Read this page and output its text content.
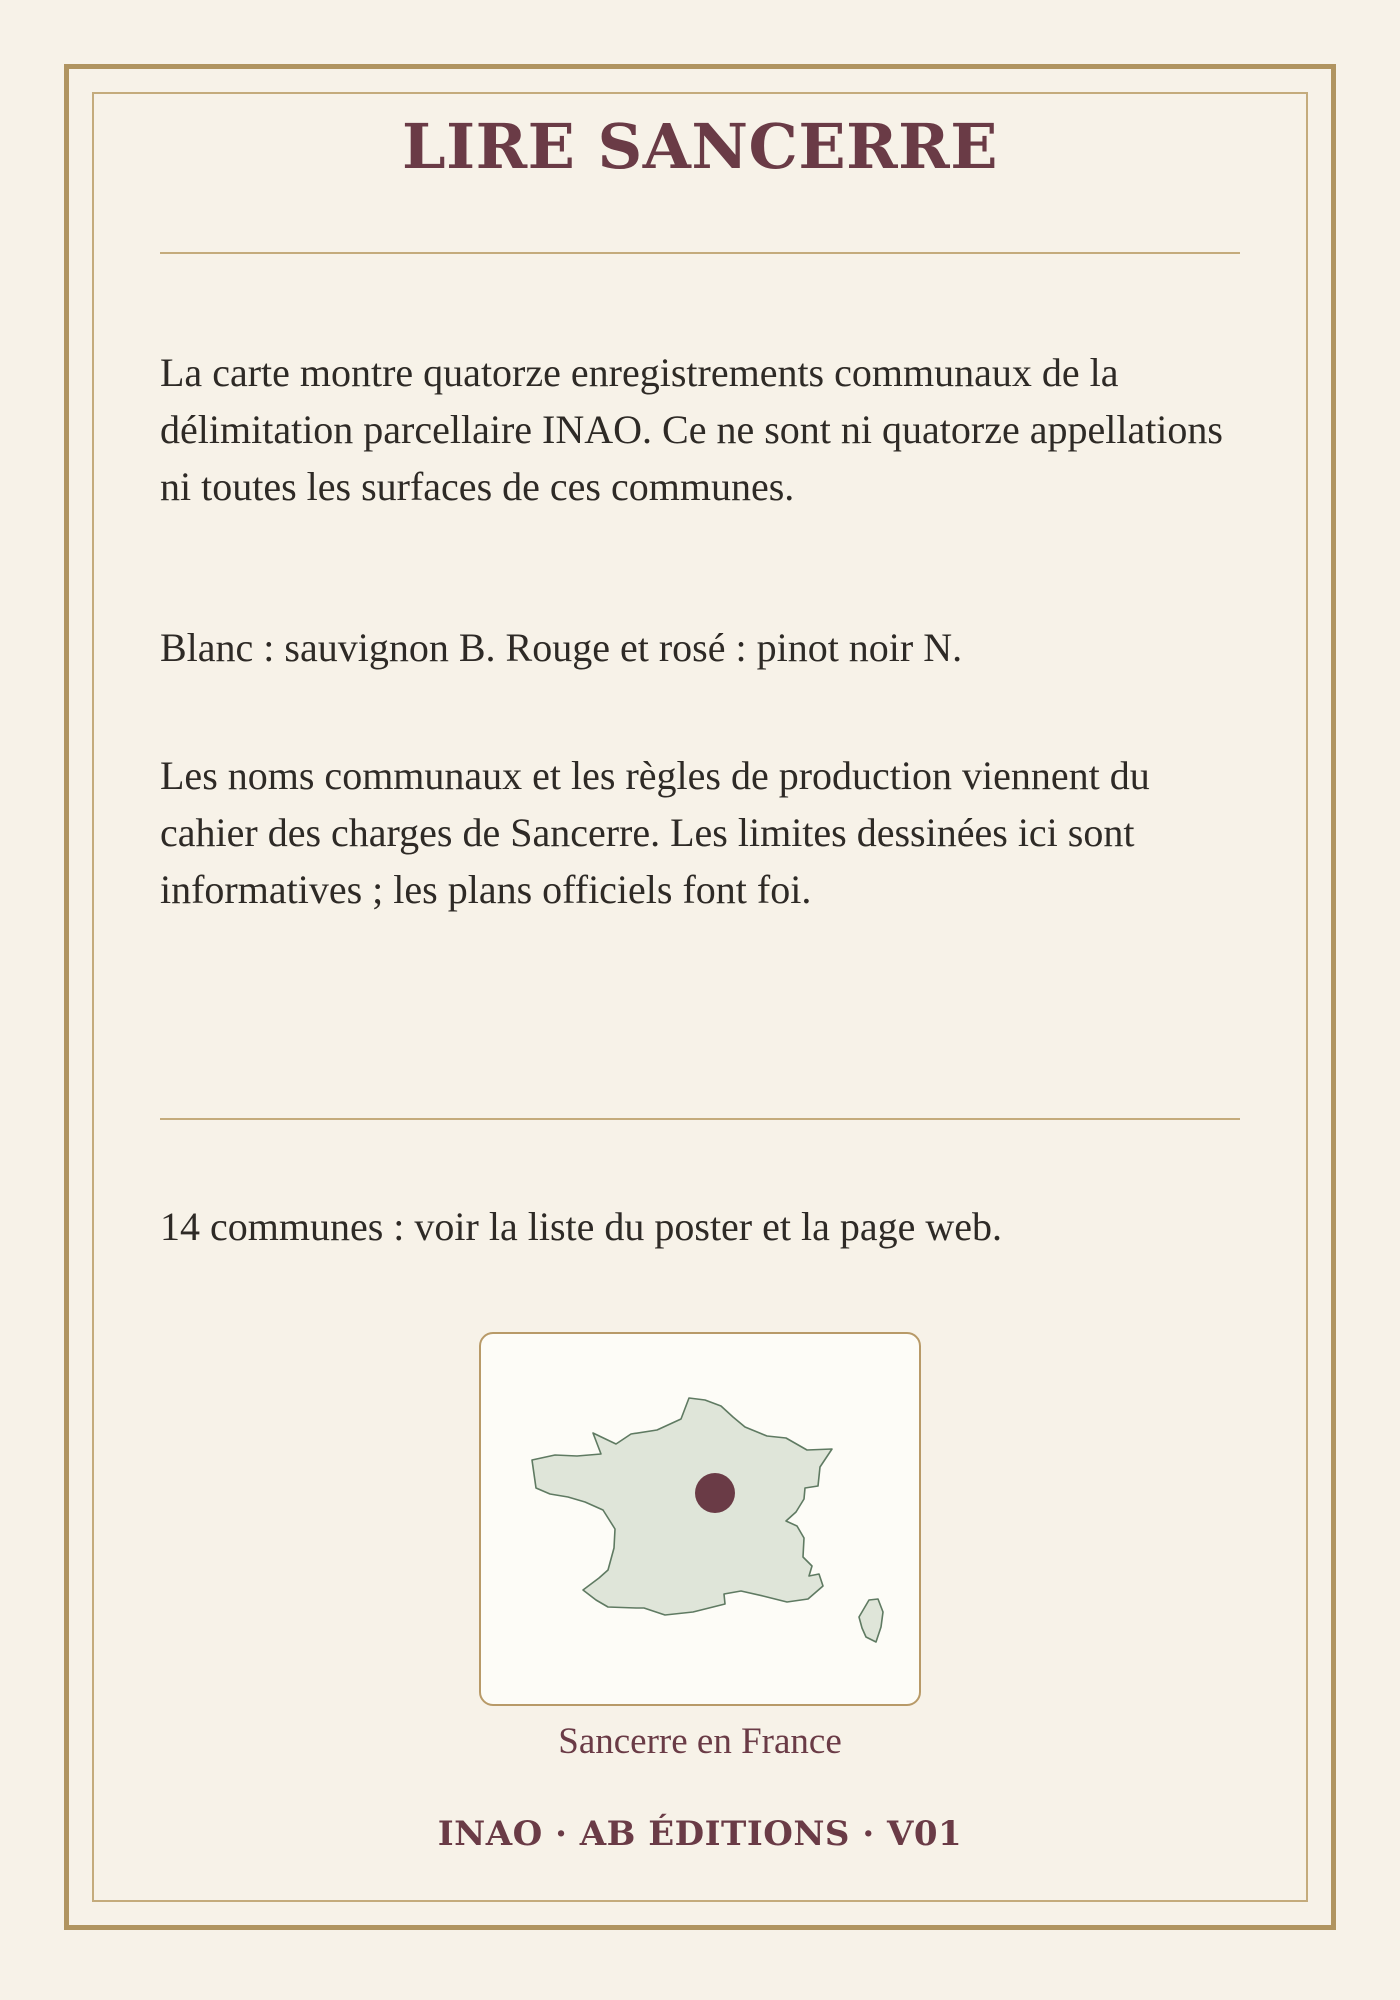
LIRE SANCERRE

La carte montre quatorze enregistrements communaux de la délimitation parcellaire INAO. Ce ne sont ni quatorze appellations ni toutes les surfaces de ces communes.

Blanc : sauvignon B. Rouge et rosé : pinot noir N.

Les noms communaux et les règles de production viennent du cahier des charges de Sancerre. Les limites dessinées ici sont informatives ; les plans officiels font foi.

14 communes : voir la liste du poster et la page web.

Sancerre en France
INAO · AB ÉDITIONS · V01
